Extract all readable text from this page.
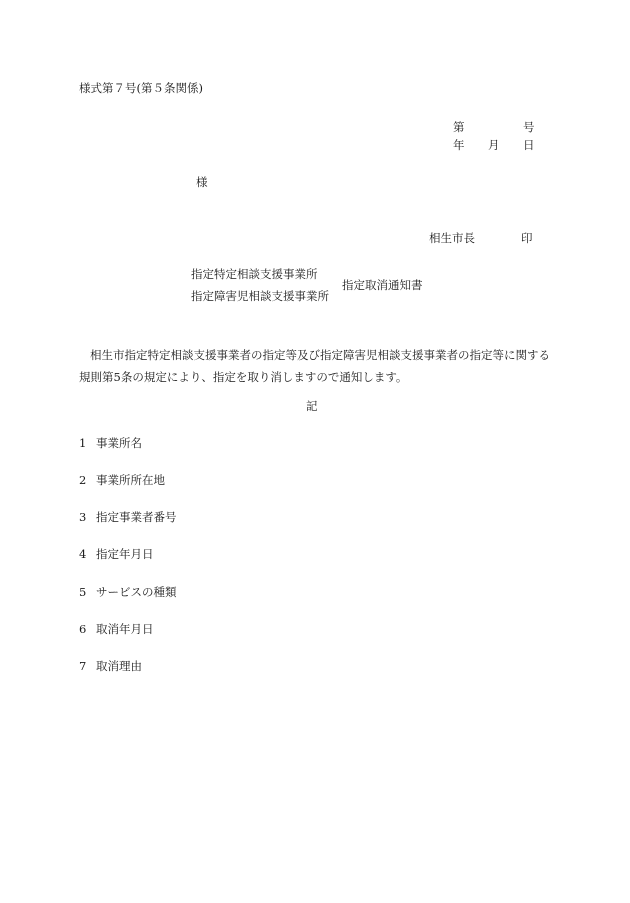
様式第７号(第５条関係)
第	号
年 月 日
様
相生市長	印
指定特定相談支援事業所
指定障害児相談支援事業所
指定取消通知書
相生市指定特定相談支援事業者の指定等及び指定障害児相談支援事業者の指定等に関する規則第5条の規定により、指定を取り消しますので通知します。
記
1 事業所名
2 事業所所在地
3 指定事業者番号
4 指定年月日
5 サービスの種類
6 取消年月日
7 取消理由
